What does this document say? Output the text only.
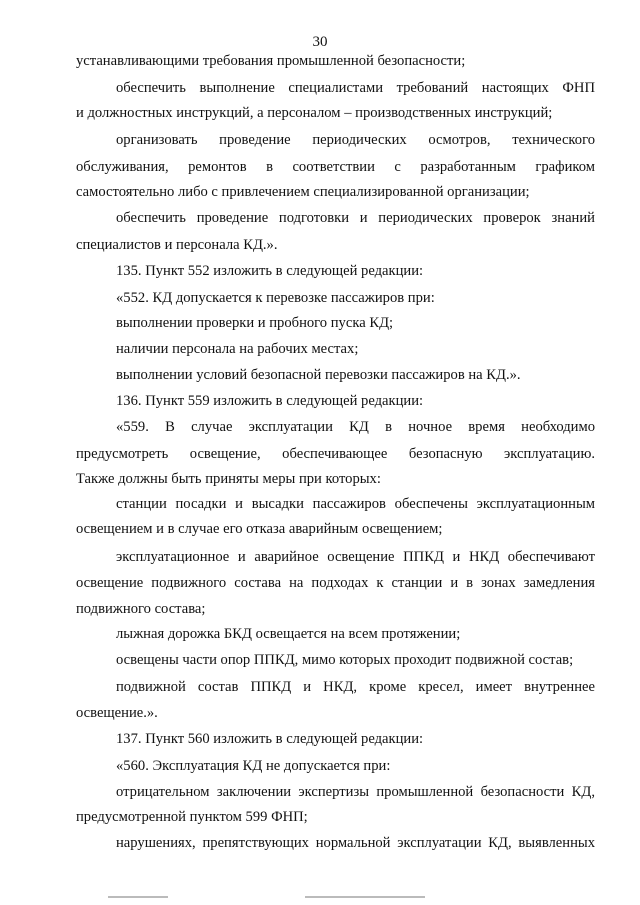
30
устанавливающими требования промышленной безопасности;
обеспечить выполнение специалистами требований настоящих ФНП
и должностных инструкций, а персоналом – производственных инструкций;
организовать проведение периодических осмотров, технического
обслуживания, ремонтов в соответствии с разработанным графиком
самостоятельно либо с привлечением специализированной организации;
обеспечить проведение подготовки и периодических проверок знаний
специалистов и персонала КД.».
135. Пункт 552 изложить в следующей редакции:
«552. КД допускается к перевозке пассажиров при:
выполнении проверки и пробного пуска КД;
наличии персонала на рабочих местах;
выполнении условий безопасной перевозки пассажиров на КД.».
136. Пункт 559 изложить в следующей редакции:
«559. В случае эксплуатации КД в ночное время необходимо
предусмотреть освещение, обеспечивающее безопасную эксплуатацию.
Также должны быть приняты меры при которых:
станции посадки и высадки пассажиров обеспечены эксплуатационным
освещением и в случае его отказа аварийным освещением;
эксплуатационное и аварийное освещение ППКД и НКД обеспечивают
освещение подвижного состава на подходах к станции и в зонах замедления
подвижного состава;
лыжная дорожка БКД освещается на всем протяжении;
освещены части опор ППКД, мимо которых проходит подвижной состав;
подвижной состав ППКД и НКД, кроме кресел, имеет внутреннее
освещение.».
137. Пункт 560 изложить в следующей редакции:
«560. Эксплуатация КД не допускается при:
отрицательном заключении экспертизы промышленной безопасности КД,
предусмотренной пунктом 599 ФНП;
нарушениях, препятствующих нормальной эксплуатации КД, выявленных
